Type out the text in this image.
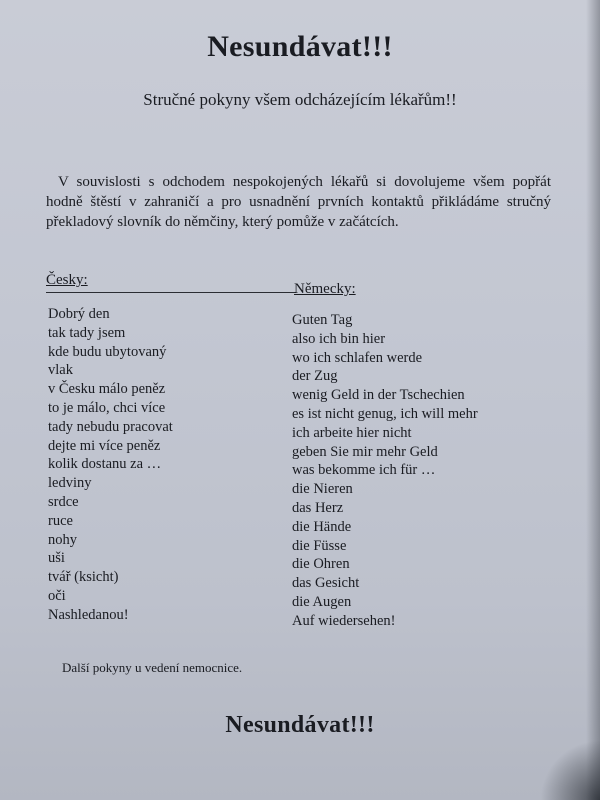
Nesundávat!!!
Stručné pokyny všem odcházejícím lékařům!!
V souvislosti s odchodem nespokojených lékařů si dovolujeme všem popřát hodně štěstí v zahraničí a pro usnadnění prvních kontaktů přikládáme stručný překladový slovník do němčiny, který pomůže v začátcích.
Česky:
Německy:
Dobrý den	Guten Tag
tak tady jsem	also ich bin hier
kde budu ubytovaný	wo ich schlafen werde
vlak	der Zug
v Česku málo peněz	wenig Geld in der Tschechien
to je málo, chci více	es ist nicht genug, ich will mehr
tady nebudu pracovat	ich arbeite hier nicht
dejte mi více peněz	geben Sie mir mehr Geld
kolik dostanu za …	was bekomme ich für …
ledviny	die Nieren
srdce	das Herz
ruce	die Hände
nohy	die Füsse
uši	die Ohren
tvář (ksicht)	das Gesicht
oči	die Augen
Nashledanou!	Auf wiedersehen!
Další pokyny u vedení nemocnice.
Nesundávat!!!
